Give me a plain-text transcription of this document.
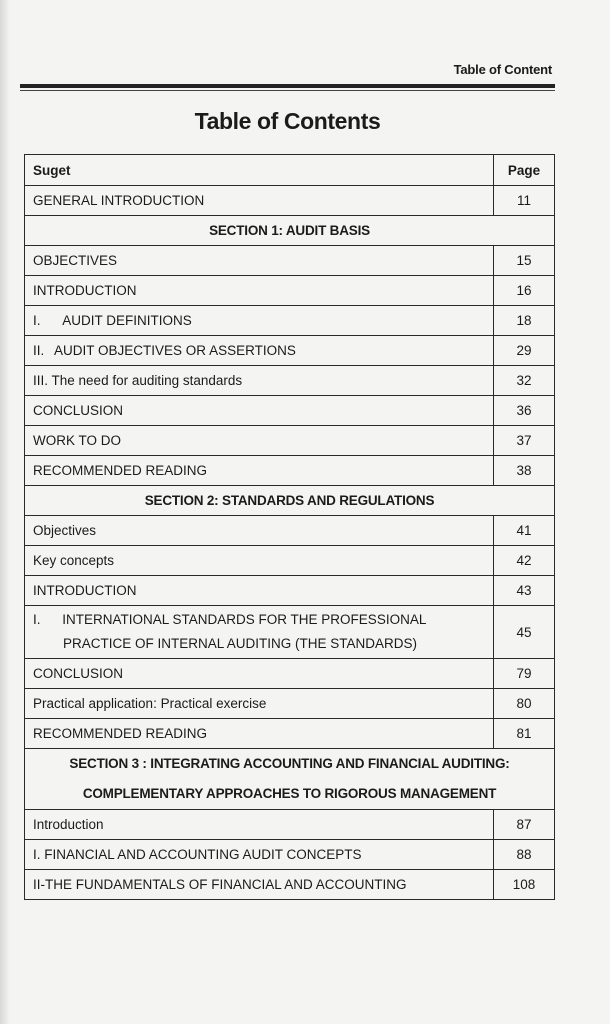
Table of Content
Table of Contents
Suget	Page
GENERAL INTRODUCTION	11
SECTION 1: AUDIT BASIS	
OBJECTIVES	15
INTRODUCTION	16
I. AUDIT DEFINITIONS	18
II. AUDIT OBJECTIVES OR ASSERTIONS	29
III. The need for auditing standards	32
CONCLUSION	36
WORK TO DO	37
RECOMMENDED READING	38
SECTION 2: STANDARDS AND REGULATIONS	
Objectives	41
Key concepts	42
INTRODUCTION	43

I. INTERNATIONAL STANDARDS FOR THE PROFESSIONAL
PRACTICE OF INTERNAL AUDITING (THE STANDARDS)	45
CONCLUSION	79
Practical application: Practical exercise	80
RECOMMENDED READING	81

SECTION 3 : INTEGRATING ACCOUNTING AND FINANCIAL AUDITING:
COMPLEMENTARY APPROACHES TO RIGOROUS MANAGEMENT	

Introduction	87
I. FINANCIAL AND ACCOUNTING AUDIT CONCEPTS	88
II-THE FUNDAMENTALS OF FINANCIAL AND ACCOUNTING	108
